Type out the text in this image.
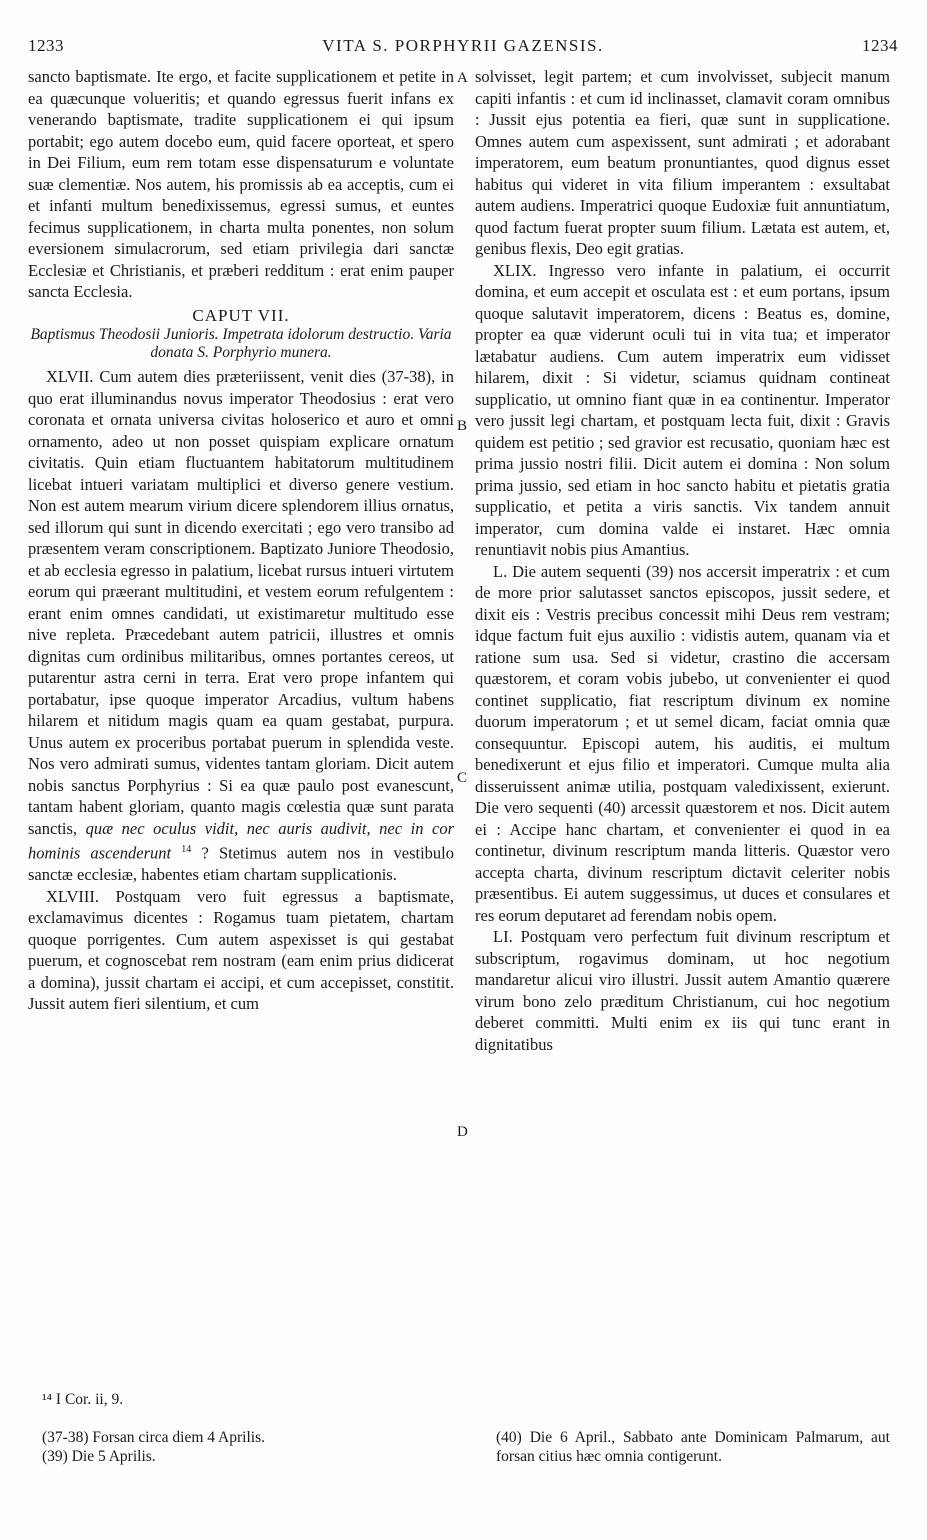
1233	VITA S. PORPHYRII GAZENSIS.	1234
A
B
C
D

sancto baptismate. Ite ergo, et facite supplicationem et petite in ea quæcunque volueritis; et quando egressus fuerit infans ex venerando baptismate, tradite supplicationem ei qui ipsum portabit; ego autem docebo eum, quid facere oporteat, et spero in Dei Filium, eum rem totam esse dispensaturum e voluntate suæ clementiæ. Nos autem, his promissis ab ea acceptis, cum ei et infanti multum benedixissemus, egressi sumus, et euntes fecimus supplicationem, in charta multa ponentes, non solum eversionem simulacrorum, sed etiam privilegia dari sanctæ Ecclesiæ et Christianis, et præberi redditum : erat enim pauper sancta Ecclesia.

CAPUT VII.
Baptismus Theodosii Junioris. Impetrata idolorum destructio. Varia donata S. Porphyrio munera.

XLVII. Cum autem dies præteriissent, venit dies (37-38), in quo erat illuminandus novus imperator Theodosius : erat vero coronata et ornata universa civitas holoserico et auro et omni ornamento, adeo ut non posset quispiam explicare ornatum civitatis. Quin etiam fluctuantem habitatorum multitudinem licebat intueri variatam multiplici et diverso genere vestium. Non est autem mearum virium dicere splendorem illius ornatus, sed illorum qui sunt in dicendo exercitati ; ego vero transibo ad præsentem veram conscriptionem. Baptizato Juniore Theodosio, et ab ecclesia egresso in palatium, licebat rursus intueri virtutem eorum qui præerant multitudini, et vestem eorum refulgentem : erant enim omnes candidati, ut existimaretur multitudo esse nive repleta. Præcedebant autem patricii, illustres et omnis dignitas cum ordinibus militaribus, omnes portantes cereos, ut putarentur astra cerni in terra. Erat vero prope infantem qui portabatur, ipse quoque imperator Arcadius, vultum habens hilarem et nitidum magis quam ea quam gestabat, purpura. Unus autem ex proceribus portabat puerum in splendida veste. Nos vero admirati sumus, videntes tantam gloriam. Dicit autem nobis sanctus Porphyrius : Si ea quæ paulo post evanescunt, tantam habent gloriam, quanto magis cœlestia quæ sunt parata sanctis, quæ nec oculus vidit, nec auris audivit, nec in cor hominis ascenderunt $^{14}$ ? Stetimus autem nos in vestibulo sanctæ ecclesiæ, habentes etiam chartam supplicationis.

XLVIII. Postquam vero fuit egressus a baptismate, exclamavimus dicentes : Rogamus tuam pietatem, chartam quoque porrigentes. Cum autem aspexisset is qui gestabat puerum, et cognoscebat rem nostram (eam enim prius didicerat a domina), jussit chartam ei accipi, et cum accepisset, constitit. Jussit autem fieri silentium, et cum

solvisset, legit partem; et cum involvisset, subjecit manum capiti infantis : et cum id inclinasset, clamavit coram omnibus : Jussit ejus potentia ea fieri, quæ sunt in supplicatione. Omnes autem cum aspexissent, sunt admirati ; et adorabant imperatorem, eum beatum pronuntiantes, quod dignus esset habitus qui videret in vita filium imperantem : exsultabat autem audiens. Imperatrici quoque Eudoxiæ fuit annuntiatum, quod factum fuerat propter suum filium. Lætata est autem, et, genibus flexis, Deo egit gratias.

XLIX. Ingresso vero infante in palatium, ei occurrit domina, et eum accepit et osculata est : et eum portans, ipsum quoque salutavit imperatorem, dicens : Beatus es, domine, propter ea quæ viderunt oculi tui in vita tua; et imperator lætabatur audiens. Cum autem imperatrix eum vidisset hilarem, dixit : Si videtur, sciamus quidnam contineat supplicatio, ut omnino fiant quæ in ea continentur. Imperator vero jussit legi chartam, et postquam lecta fuit, dixit : Gravis quidem est petitio ; sed gravior est recusatio, quoniam hæc est prima jussio nostri filii. Dicit autem ei domina : Non solum prima jussio, sed etiam in hoc sancto habitu et pietatis gratia supplicatio, et petita a viris sanctis. Vix tandem annuit imperator, cum domina valde ei instaret. Hæc omnia renuntiavit nobis pius Amantius.

L. Die autem sequenti (39) nos accersit imperatrix : et cum de more prior salutasset sanctos episcopos, jussit sedere, et dixit eis : Vestris precibus concessit mihi Deus rem vestram; idque factum fuit ejus auxilio : vidistis autem, quanam via et ratione sum usa. Sed si videtur, crastino die accersam quæstorem, et coram vobis jubebo, ut convenienter ei quod continet supplicatio, fiat rescriptum divinum ex nomine duorum imperatorum ; et ut semel dicam, faciat omnia quæ consequuntur. Episcopi autem, his auditis, ei multum benedixerunt et ejus filio et imperatori. Cumque multa alia disseruissent animæ utilia, postquam valedixissent, exierunt. Die vero sequenti (40) arcessit quæstorem et nos. Dicit autem ei : Accipe hanc chartam, et convenienter ei quod in ea continetur, divinum rescriptum manda litteris. Quæstor vero accepta charta, divinum rescriptum dictavit celeriter nobis præsentibus. Ei autem suggessimus, ut duces et consulares et res eorum deputaret ad ferendam nobis opem.

LI. Postquam vero perfectum fuit divinum rescriptum et subscriptum, rogavimus dominam, ut hoc negotium mandaretur alicui viro illustri. Jussit autem Amantio quærere virum bono zelo præditum Christianum, cui hoc negotium deberet committi. Multi enim ex iis qui tunc erant in dignitatibus

¹⁴ I Cor. ii, 9.
(37-38) Forsan circa diem 4 Aprilis.
(39) Die 5 Aprilis.
(40) Die 6 April., Sabbato ante Dominicam Palmarum, aut forsan citius hæc omnia contigerunt.
